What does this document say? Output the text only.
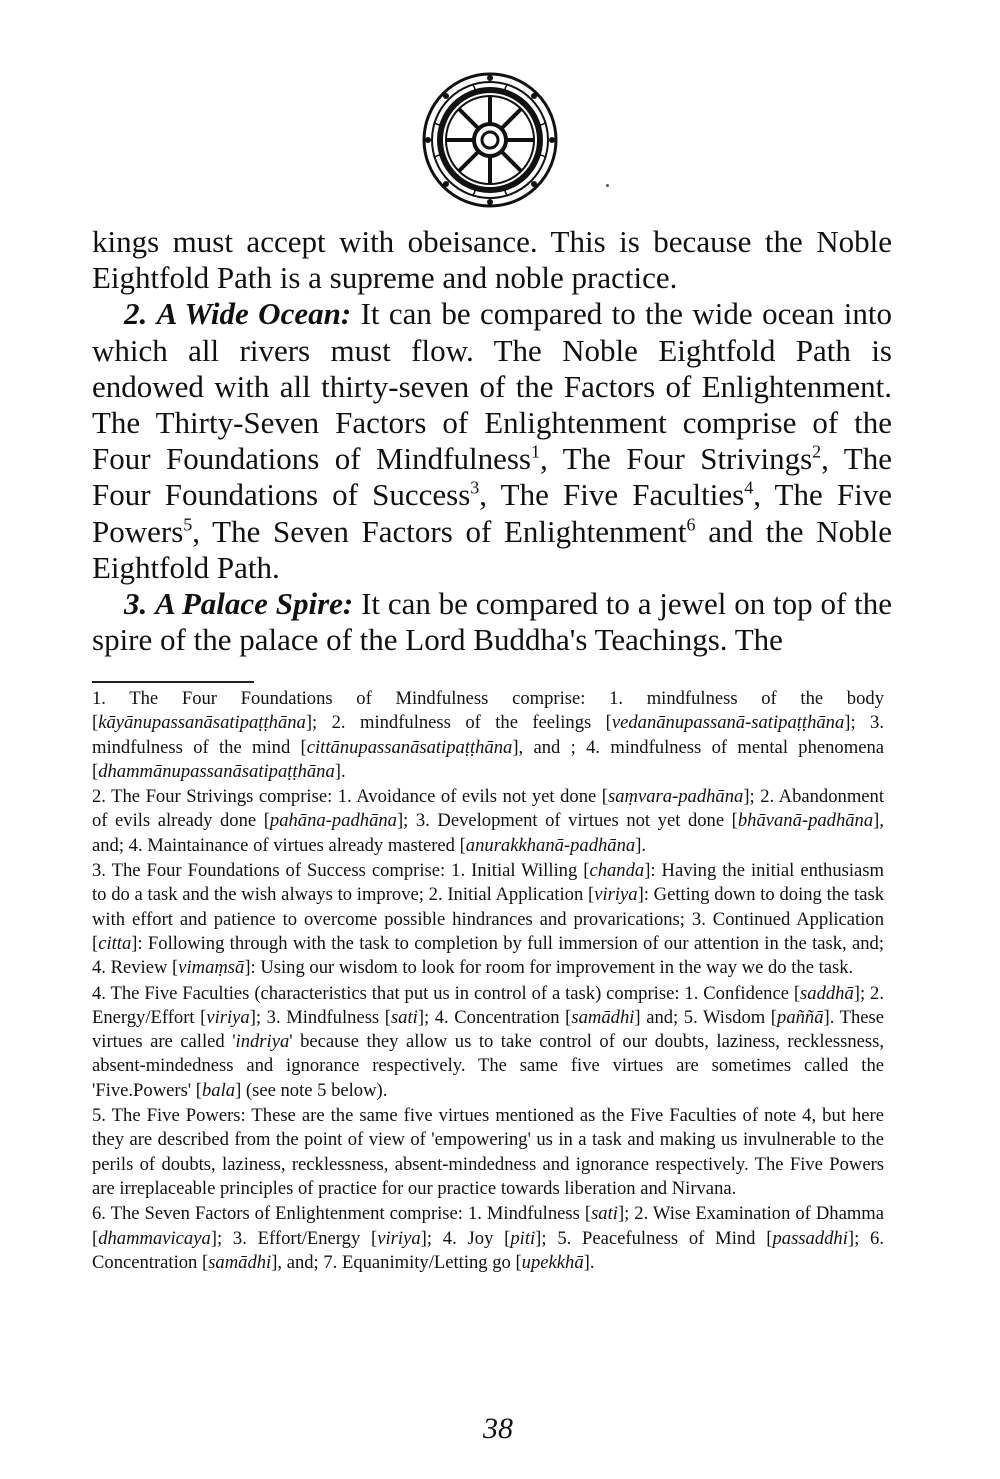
kings must accept with obeisance. This is because the Noble Eightfold Path is a supreme and noble practice.

2. A Wide Ocean: It can be compared to the wide ocean into which all rivers must flow. The Noble Eightfold Path is endowed with all thirty-seven of the Factors of Enlightenment. The Thirty-Seven Factors of Enlightenment comprise of the Four Foundations of Mindfulness$^1$, The Four Strivings$^2$, The Four Foundations of Success$^3$, The Five Faculties$^4$, The Five Powers$^5$, The Seven Factors of Enlightenment$^6$ and the Noble Eightfold Path.

3. A Palace Spire: It can be compared to a jewel on top of the spire of the palace of the Lord Buddha's Teachings. The

1. The Four Foundations of Mindfulness comprise: 1. mindfulness of the body [kāyānupassanāsatipaṭṭhāna]; 2. mindfulness of the feelings [vedanānupassanā-satipaṭṭhāna]; 3. mindfulness of the mind [cittānupassanāsatipaṭṭhāna], and ; 4. mindfulness of mental phenomena [dhammānupassanāsatipaṭṭhāna].

2. The Four Strivings comprise: 1. Avoidance of evils not yet done [saṃvara-padhāna]; 2. Abandonment of evils already done [pahāna-padhāna]; 3. Development of virtues not yet done [bhāvanā-padhāna], and; 4. Maintainance of virtues already mastered [anurakkhanā-padhāna].

3. The Four Foundations of Success comprise: 1. Initial Willing [chanda]: Having the initial enthusiasm to do a task and the wish always to improve; 2. Initial Application [viriya]: Getting down to doing the task with effort and patience to overcome possible hindrances and provarications; 3. Continued Application [citta]: Following through with the task to completion by full immersion of our attention in the task, and; 4. Review [vimaṃsā]: Using our wisdom to look for room for improvement in the way we do the task.

4. The Five Faculties (characteristics that put us in control of a task) comprise: 1. Confidence [saddhā]; 2. Energy/Effort [viriya]; 3. Mindfulness [sati]; 4. Concentration [samādhi] and; 5. Wisdom [paññā]. These virtues are called 'indriya' because they allow us to take control of our doubts, laziness, recklessness, absent-mindedness and ignorance respectively. The same five virtues are sometimes called the 'Five.Powers' [bala] (see note 5 below).

5. The Five Powers: These are the same five virtues mentioned as the Five Faculties of note 4, but here they are described from the point of view of 'empowering' us in a task and making us invulnerable to the perils of doubts, laziness, recklessness, absent-mindedness and ignorance respectively. The Five Powers are irreplaceable principles of practice for our practice towards liberation and Nirvana.

6. The Seven Factors of Enlightenment comprise: 1. Mindfulness [sati]; 2. Wise Examination of Dhamma [dhammavicaya]; 3. Effort/Energy [viriya]; 4. Joy [piti]; 5. Peacefulness of Mind [passaddhi]; 6. Concentration [samādhi], and; 7. Equanimity/Letting go [upekkhā].

38
